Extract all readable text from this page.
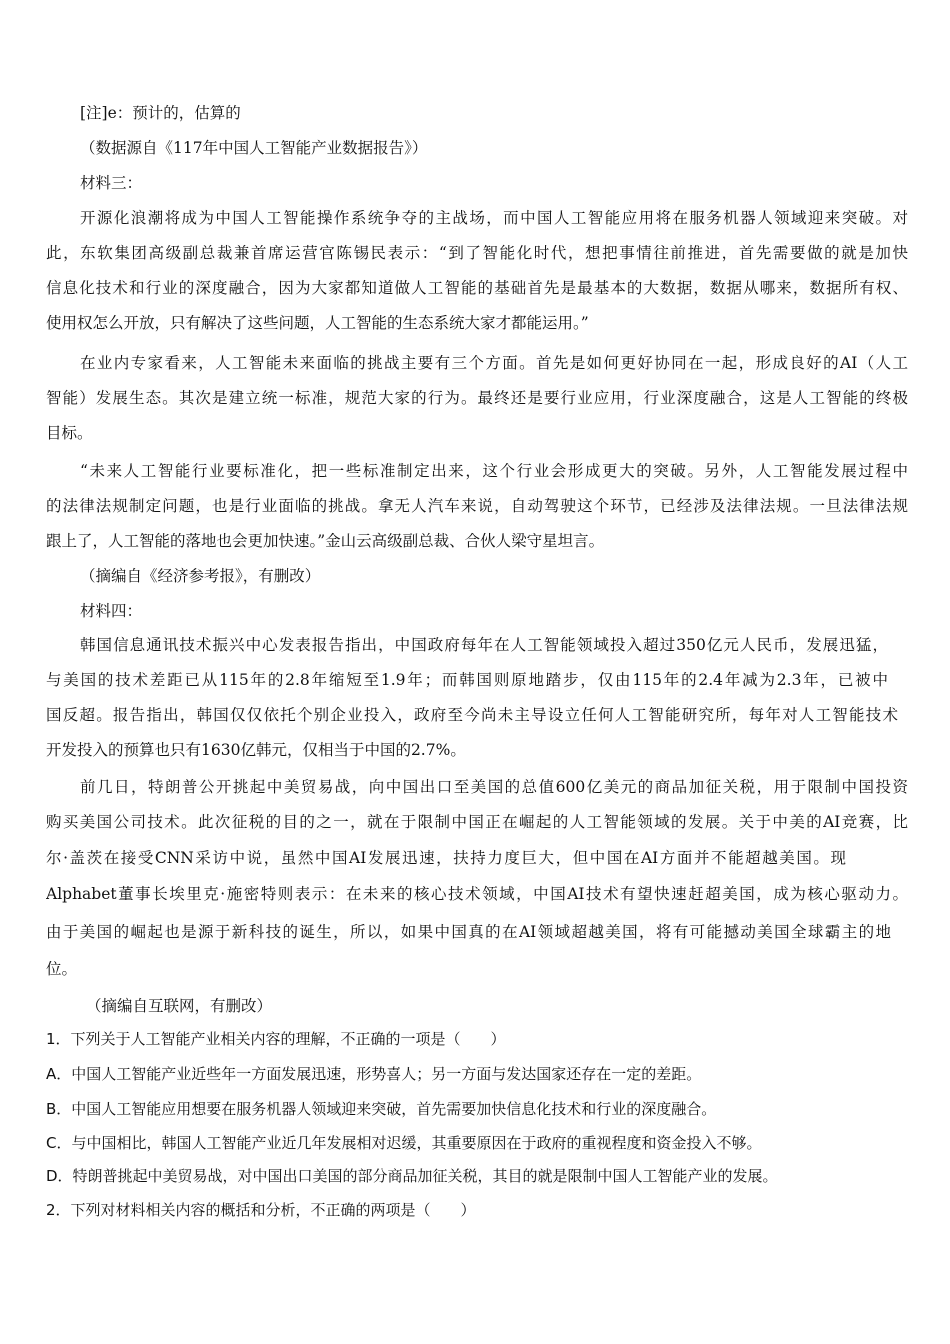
[注]e：预计的，估算的
（数据源自《117年中国人工智能产业数据报告》）
材料三：
开源化浪潮将成为中国人工智能操作系统争夺的主战场，而中国人工智能应用将在服务机器人领域迎来突破。对
此，东软集团高级副总裁兼首席运营官陈锡民表示：“到了智能化时代，想把事情往前推进，首先需要做的就是加快
信息化技术和行业的深度融合，因为大家都知道做人工智能的基础首先是最基本的大数据，数据从哪来，数据所有权、
使用权怎么开放，只有解决了这些问题，人工智能的生态系统大家才都能运用。”
在业内专家看来，人工智能未来面临的挑战主要有三个方面。首先是如何更好协同在一起，形成良好的AI（人工
智能）发展生态。其次是建立统一标准，规范大家的行为。最终还是要行业应用，行业深度融合，这是人工智能的终极
目标。
“未来人工智能行业要标准化，把一些标准制定出来，这个行业会形成更大的突破。另外，人工智能发展过程中
的法律法规制定问题，也是行业面临的挑战。拿无人汽车来说，自动驾驶这个环节，已经涉及法律法规。一旦法律法规
跟上了，人工智能的落地也会更加快速。”金山云高级副总裁、合伙人梁守星坦言。
（摘编自《经济参考报》，有删改）
材料四：
韩国信息通讯技术振兴中心发表报告指出，中国政府每年在人工智能领域投入超过350亿元人民币，发展迅猛，
与美国的技术差距已从115年的2.8年缩短至1.9年；而韩国则原地踏步，仅由115年的2.4年减为2.3年，已被中
国反超。报告指出，韩国仅仅依托个别企业投入，政府至今尚未主导设立任何人工智能研究所，每年对人工智能技术
开发投入的预算也只有1630亿韩元，仅相当于中国的2.7%。
前几日，特朗普公开挑起中美贸易战，向中国出口至美国的总值600亿美元的商品加征关税，用于限制中国投资
购买美国公司技术。此次征税的目的之一，就在于限制中国正在崛起的人工智能领域的发展。关于中美的AI竞赛，比
尔·盖茨在接受CNN采访中说，虽然中国AI发展迅速，扶持力度巨大，但中国在AI方面并不能超越美国。现
Alphabet董事长埃里克·施密特则表示：在未来的核心技术领域，中国AI技术有望快速赶超美国，成为核心驱动力。
由于美国的崛起也是源于新科技的诞生，所以，如果中国真的在AI领域超越美国，将有可能撼动美国全球霸主的地
位。
（摘编自互联网，有删改）
1．下列关于人工智能产业相关内容的理解，不正确的一项是（　　）
A．中国人工智能产业近些年一方面发展迅速，形势喜人；另一方面与发达国家还存在一定的差距。
B．中国人工智能应用想要在服务机器人领域迎来突破，首先需要加快信息化技术和行业的深度融合。
C．与中国相比，韩国人工智能产业近几年发展相对迟缓，其重要原因在于政府的重视程度和资金投入不够。
D．特朗普挑起中美贸易战，对中国出口美国的部分商品加征关税，其目的就是限制中国人工智能产业的发展。
2．下列对材料相关内容的概括和分析，不正确的两项是（　　）
